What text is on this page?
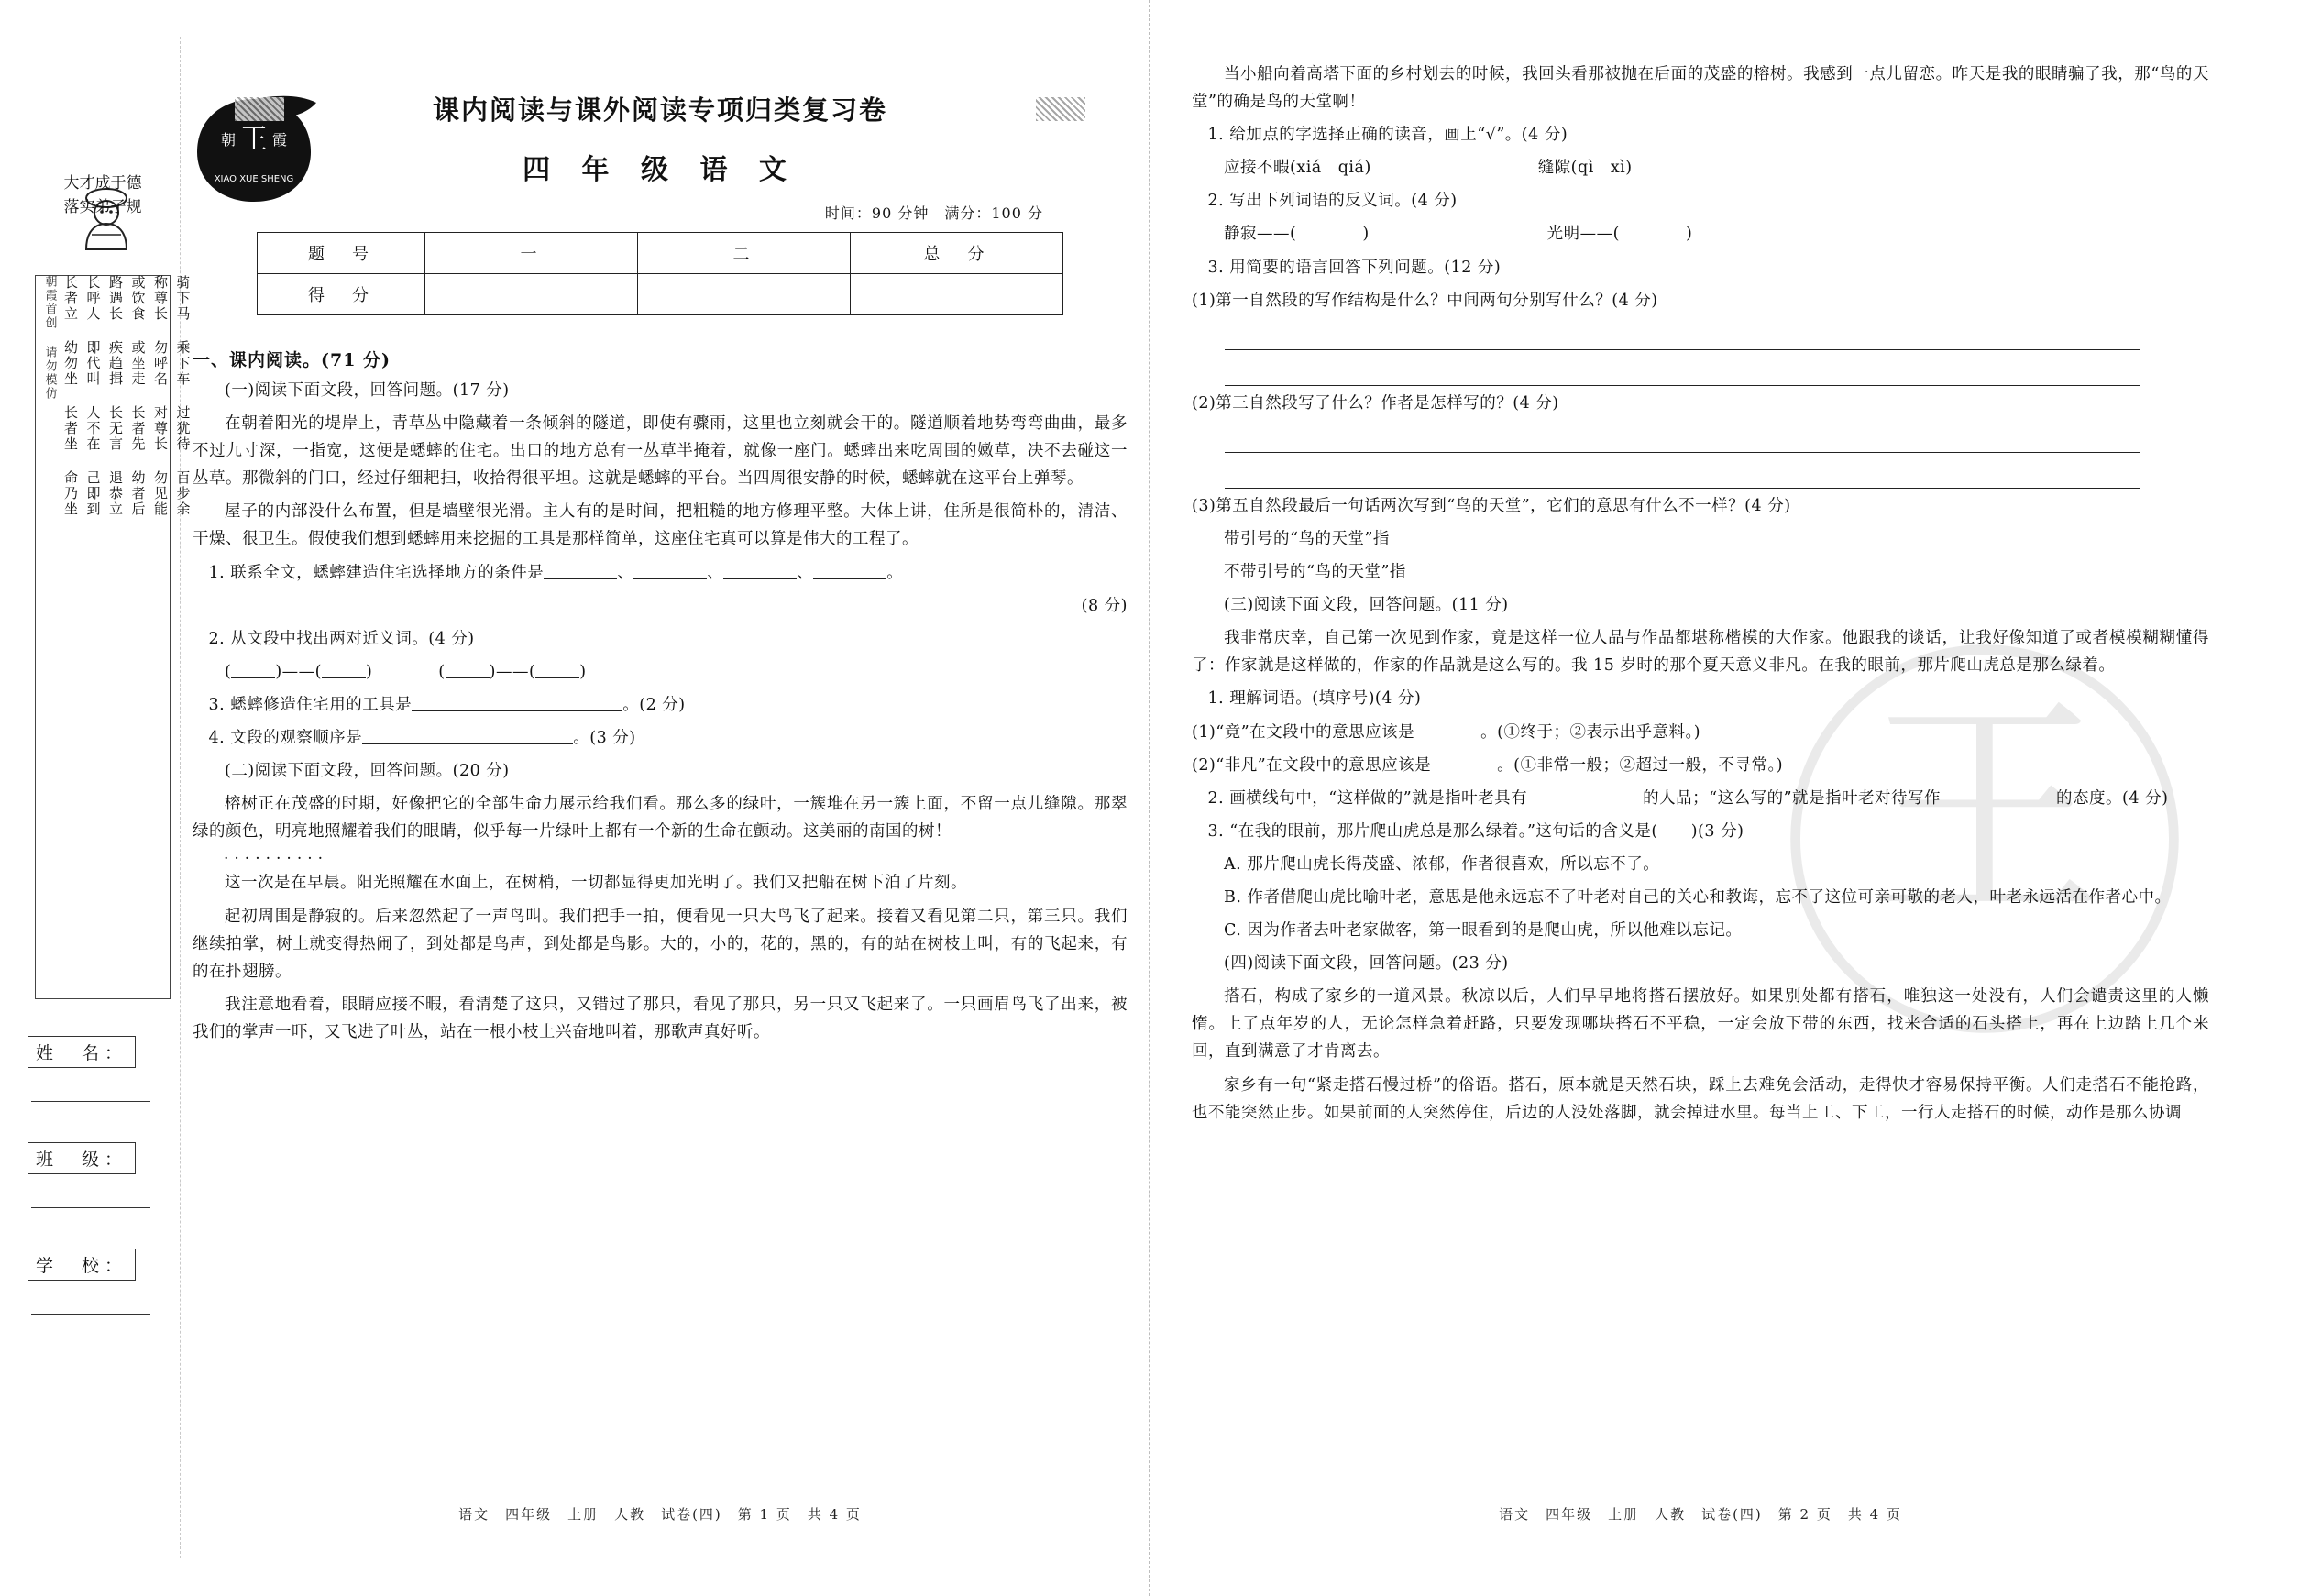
王
朝 霞
XIAO XUE SHENG
大才成于德
落实弟子规
骑下马 乘下车 过犹待 百步余
称尊长 勿呼名 对尊长 勿见能
或饮食 或坐走 长者先 幼者后
路遇长 疾趋揖 长无言 退恭立
长呼人 即代叫 人不在 己即到
长者立 幼勿坐 长者坐 命乃坐
朝霞首创 请勿模仿
姓　名：
班　级：
学　校：
课内阅读与课外阅读专项归类复习卷
四 年 级 语 文
时间：90 分钟　满分：100 分
题　号	一	二	总　分
得　分			
一、课内阅读。(71 分)
(一)阅读下面文段，回答问题。(17 分)
在朝着阳光的堤岸上，青草丛中隐藏着一条倾斜的隧道，即使有骤雨，这里也立刻就会干的。隧道顺着地势弯弯曲曲，最多不过九寸深，一指宽，这便是蟋蟀的住宅。出口的地方总有一丛草半掩着，就像一座门。蟋蟀出来吃周围的嫩草，决不去碰这一丛草。那微斜的门口，经过仔细耙扫，收拾得很平坦。这就是蟋蟀的平台。当四周很安静的时候，蟋蟀就在这平台上弹琴。
屋子的内部没什么布置，但是墙壁很光滑。主人有的是时间，把粗糙的地方修理平整。大体上讲，住所是很简朴的，清洁、干燥、很卫生。假使我们想到蟋蟀用来挖掘的工具是那样简单，这座住宅真可以算是伟大的工程了。
1. 联系全文，蟋蟀建造住宅选择地方的条件是	、	、	、	。
(8 分)
2. 从文段中找出两对近义词。(4 分)
(	)——(	)　　　　(	)——(	)
3. 蟋蟀修造住宅用的工具是	。(2 分)
4. 文段的观察顺序是	。(3 分)
(二)阅读下面文段，回答问题。(20 分)
榕树正在茂盛的时期，好像把它的全部生命力展示给我们看。那么多的绿叶，一簇堆在另一簇上面，不留一点儿缝隙。那翠绿的颜色，明亮地照耀着我们的眼睛，似乎每一片绿叶上都有一个新的生命在颤动。这美丽的南国的树！
..........
这一次是在早晨。阳光照耀在水面上，在树梢，一切都显得更加光明了。我们又把船在树下泊了片刻。
起初周围是静寂的。后来忽然起了一声鸟叫。我们把手一拍，便看见一只大鸟飞了起来。接着又看见第二只，第三只。我们继续拍掌，树上就变得热闹了，到处都是鸟声，到处都是鸟影。大的，小的，花的，黑的，有的站在树枝上叫，有的飞起来，有的在扑翅膀。
我注意地看着，眼睛应接不暇，看清楚了这只，又错过了那只，看见了那只，另一只又飞起来了。一只画眉鸟飞了出来，被我们的掌声一吓，又飞进了叶丛，站在一根小枝上兴奋地叫着，那歌声真好听。
语文　四年级　上册　人教　试卷(四)　第 1 页　共 4 页
王
当小船向着高塔下面的乡村划去的时候，我回头看那被抛在后面的茂盛的榕树。我感到一点儿留恋。昨天是我的眼睛骗了我，那“鸟的天堂”的确是鸟的天堂啊！
1. 给加点的字选择正确的读音，画上“√”。(4 分)
应接不暇(xiá　qiá)	缝隙(qì　xì)
2. 写出下列词语的反义词。(4 分)
静寂——(　　　　)	光明——(　　　　)
3. 用简要的语言回答下列问题。(12 分)
(1)第一自然段的写作结构是什么？中间两句分别写什么？(4 分)
(2)第三自然段写了什么？作者是怎样写的？(4 分)
(3)第五自然段最后一句话两次写到“鸟的天堂”，它们的意思有什么不一样？(4 分)
带引号的“鸟的天堂”指
不带引号的“鸟的天堂”指
(三)阅读下面文段，回答问题。(11 分)
我非常庆幸，自己第一次见到作家，竟是这样一位人品与作品都堪称楷模的大作家。他跟我的谈话，让我好像知道了或者模模糊糊懂得了：作家就是这样做的，作家的作品就是这么写的。我 15 岁时的那个夏天意义非凡。在我的眼前，那片爬山虎总是那么绿着。
1. 理解词语。(填序号)(4 分)
(1)“竟”在文段中的意思应该是　　　　。(①终于；②表示出乎意料。)
(2)“非凡”在文段中的意思应该是　　　　。(①非常一般；②超过一般，不寻常。)
2. 画横线句中，“这样做的”就是指叶老具有　　　　　　　的人品；“这么写的”就是指叶老对待写作　　　　　　　的态度。(4 分)
3. “在我的眼前，那片爬山虎总是那么绿着。”这句话的含义是(　　)(3 分)
A. 那片爬山虎长得茂盛、浓郁，作者很喜欢，所以忘不了。
B. 作者借爬山虎比喻叶老，意思是他永远忘不了叶老对自己的关心和教诲，忘不了这位可亲可敬的老人，叶老永远活在作者心中。
C. 因为作者去叶老家做客，第一眼看到的是爬山虎，所以他难以忘记。
(四)阅读下面文段，回答问题。(23 分)
搭石，构成了家乡的一道风景。秋凉以后，人们早早地将搭石摆放好。如果别处都有搭石，唯独这一处没有，人们会谴责这里的人懒惰。上了点年岁的人，无论怎样急着赶路，只要发现哪块搭石不平稳，一定会放下带的东西，找来合适的石头搭上，再在上边踏上几个来回，直到满意了才肯离去。
家乡有一句“紧走搭石慢过桥”的俗语。搭石，原本就是天然石块，踩上去难免会活动，走得快才容易保持平衡。人们走搭石不能抢路，也不能突然止步。如果前面的人突然停住，后边的人没处落脚，就会掉进水里。每当上工、下工，一行人走搭石的时候，动作是那么协调
语文　四年级　上册　人教　试卷(四)　第 2 页　共 4 页
